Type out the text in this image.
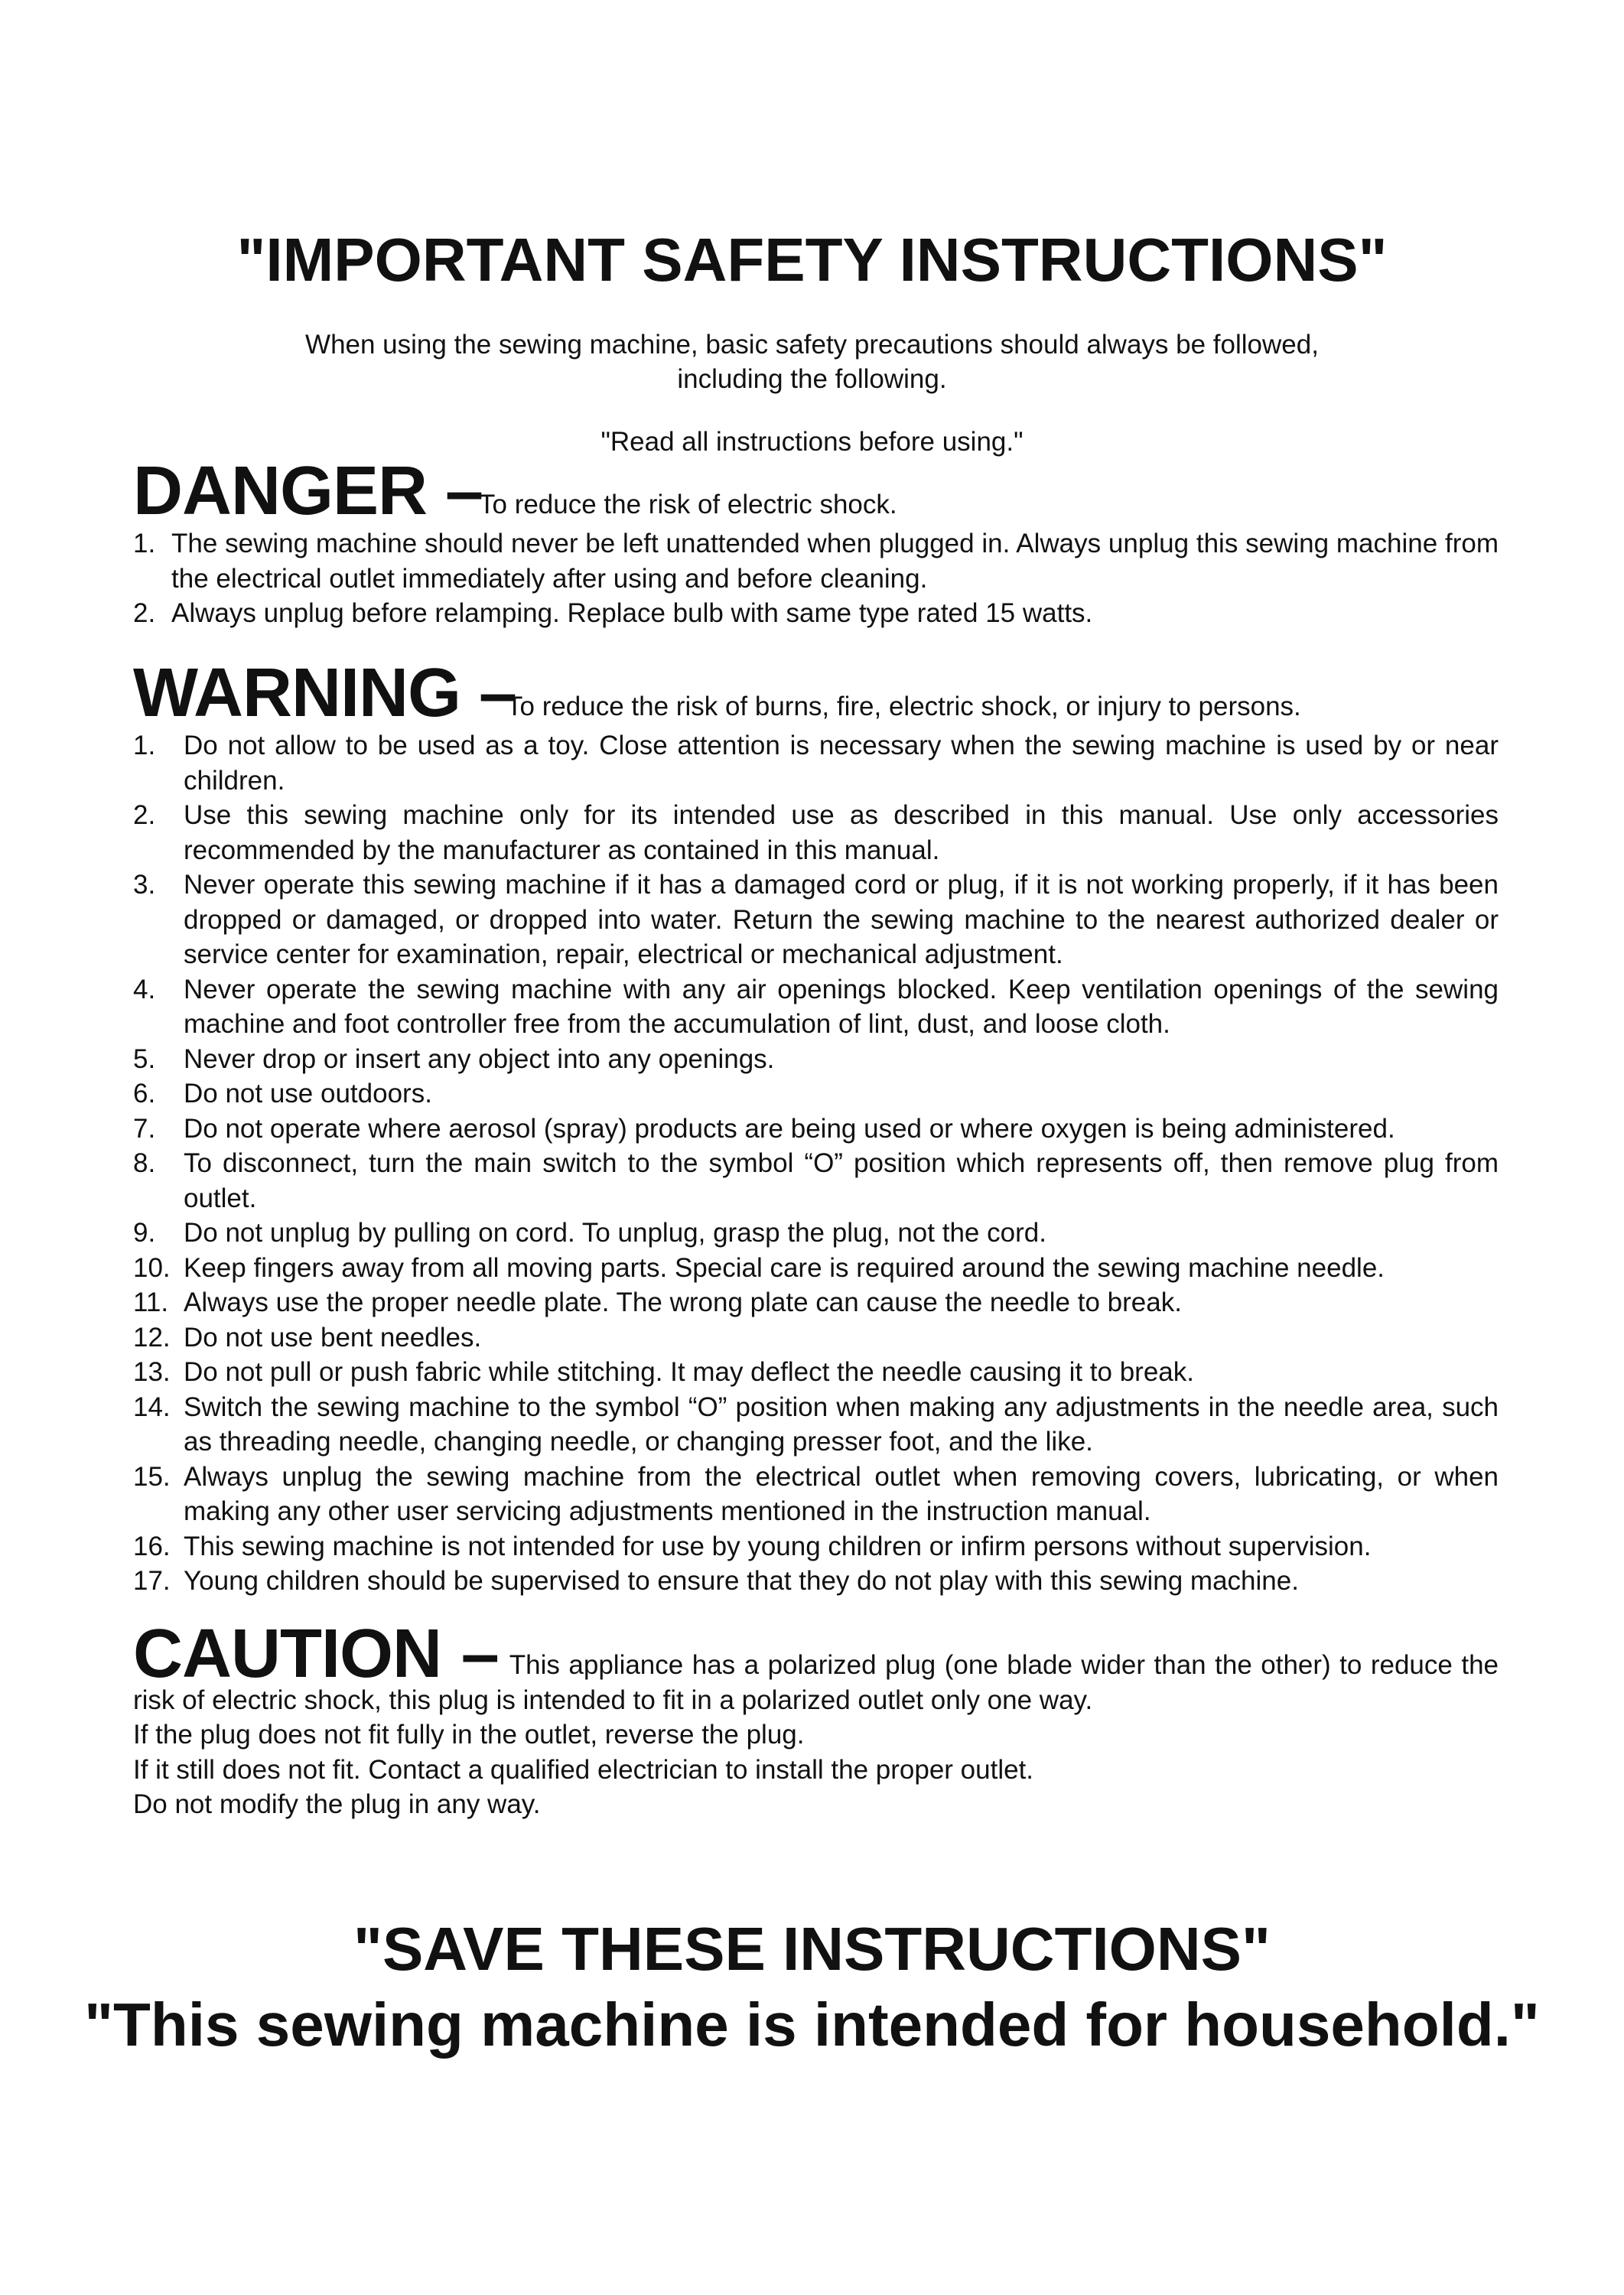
"IMPORTANT SAFETY INSTRUCTIONS"

When using the sewing machine, basic safety precautions should always be followed,

including the following.

"Read all instructions before using."

DANGER –
To reduce the risk of electric shock.
1. The sewing machine should never be left unattended when plugged in. Always unplug this sewing machine from the electrical outlet immediately after using and before cleaning.
2. Always unplug before relamping. Replace bulb with same type rated 15 watts.
WARNING –
To reduce the risk of burns, fire, electric shock, or injury to persons.
1. Do not allow to be used as a toy. Close attention is necessary when the sewing machine is used by or near children.
2. Use this sewing machine only for its intended use as described in this manual. Use only accessories recommended by the manufacturer as contained in this manual.
3. Never operate this sewing machine if it has a damaged cord or plug, if it is not working properly, if it has been dropped or damaged, or dropped into water. Return the sewing machine to the nearest authorized dealer or service center for examination, repair, electrical or mechanical adjustment.
4. Never operate the sewing machine with any air openings blocked. Keep ventilation openings of the sewing machine and foot controller free from the accumulation of lint, dust, and loose cloth.
5. Never drop or insert any object into any openings.
6. Do not use outdoors.
7. Do not operate where aerosol (spray) products are being used or where oxygen is being administered.
8. To disconnect, turn the main switch to the symbol “O” position which represents off, then remove plug from outlet.
9. Do not unplug by pulling on cord. To unplug, grasp the plug, not the cord.
10. Keep fingers away from all moving parts. Special care is required around the sewing machine needle.
11. Always use the proper needle plate. The wrong plate can cause the needle to break.
12. Do not use bent needles.
13. Do not pull or push fabric while stitching. It may deflect the needle causing it to break.
14. Switch the sewing machine to the symbol “O” position when making any adjustments in the needle area, such as threading needle, changing needle, or changing presser foot, and the like.
15. Always unplug the sewing machine from the electrical outlet when removing covers, lubricating, or when making any other user servicing adjustments mentioned in the instruction manual.
16. This sewing machine is not intended for use by young children or infirm persons without supervision.
17. Young children should be supervised to ensure that they do not play with this sewing machine.

CAUTION – This appliance has a polarized plug (one blade wider than the other) to reduce the

risk of electric shock, this plug is intended to fit in a polarized outlet only one way.

If the plug does not fit fully in the outlet, reverse the plug.

If it still does not fit. Contact a qualified electrician to install the proper outlet.

Do not modify the plug in any way.

"SAVE THESE INSTRUCTIONS"
"This sewing machine is intended for household."
